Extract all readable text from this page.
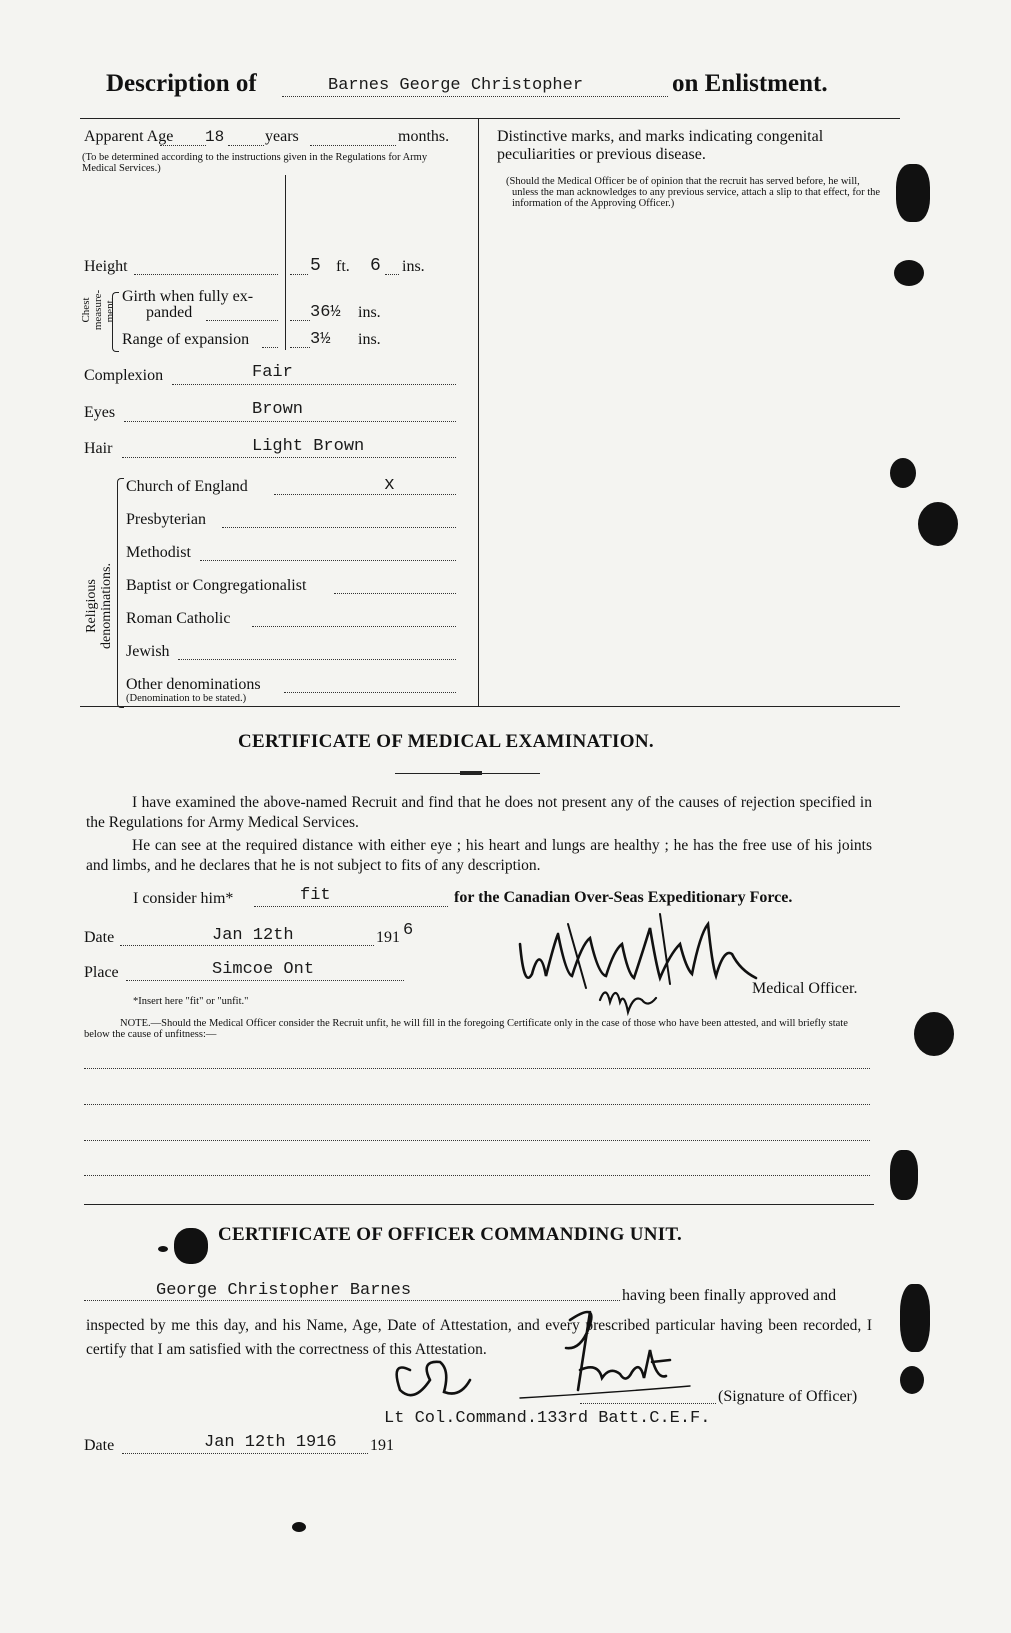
Description of	Barnes George Christopher	on Enlistment.
Apparent Age 18	years	months.
(To be determined according to the instructions given in the Regulations for Army Medical Services.)
Height	5 ft. 6 ins.
Chest measure-ment.
Girth when fully ex-
panded	36½ ins.
Range of expansion	3½ ins.
Complexion	Fair
Eyes	Brown
Hair	Light Brown
Religious denominations.
Church of England	x
Presbyterian
Methodist
Baptist or Congregationalist
Roman Catholic
Jewish
Other denominations
(Denomination to be stated.)
Distinctive marks, and marks indicating congenital peculiarities or previous disease.
(Should the Medical Officer be of opinion that the recruit has served before, he will, unless the man acknowledges to any previous service, attach a slip to that effect, for the information of the Approving Officer.)
CERTIFICATE OF MEDICAL EXAMINATION.
I have examined the above-named Recruit and find that he does not present any of the causes of rejection specified in the Regulations for Army Medical Services.
He can see at the required distance with either eye ; his heart and lungs are healthy ; he has the free use of his joints and limbs, and he declares that he is not subject to fits of any description.
I consider him*	fit	for the Canadian Over-Seas Expeditionary Force.
Date	Jan 12th	191 6
Place	Simcoe Ont
*Insert here "fit" or "unfit."
Medical Officer.
NOTE.—Should the Medical Officer consider the Recruit unfit, he will fill in the foregoing Certificate only in the case of those who have been attested, and will briefly state below the cause of unfitness:—
CERTIFICATE OF OFFICER COMMANDING UNIT.
George Christopher Barnes	having been finally approved and
inspected by me this day, and his Name, Age, Date of Attestation, and every prescribed particular having been recorded, I certify that I am satisfied with the correctness of this Attestation.
(Signature of Officer)
Lt Col.Command.133rd Batt.C.E.F.
Date	Jan 12th 1916 191
